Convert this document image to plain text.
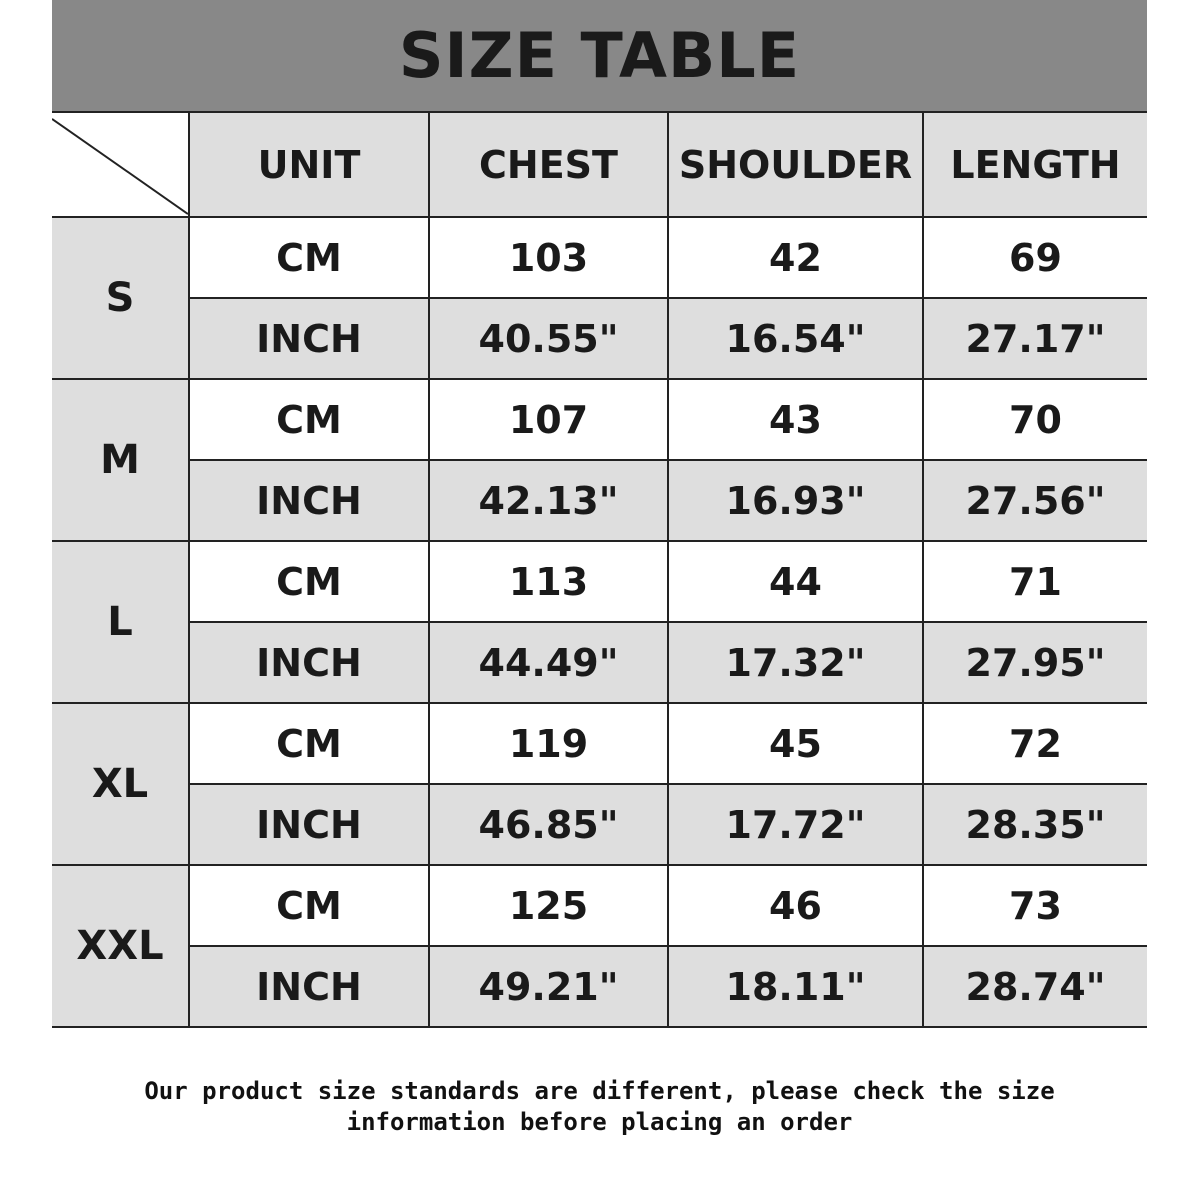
SIZE TABLE
	UNIT	CHEST	SHOULDER	LENGTH
S	CM	103	42	69
	INCH	40.55"	16.54"	27.17"
M	CM	107	43	70
	INCH	42.13"	16.93"	27.56"
L	CM	113	44	71
	INCH	44.49"	17.32"	27.95"
XL	CM	119	45	72
	INCH	46.85"	17.72"	28.35"
XXL	CM	125	46	73
	INCH	49.21"	18.11"	28.74"
Our product size standards are different, please check the size
information before placing an order
